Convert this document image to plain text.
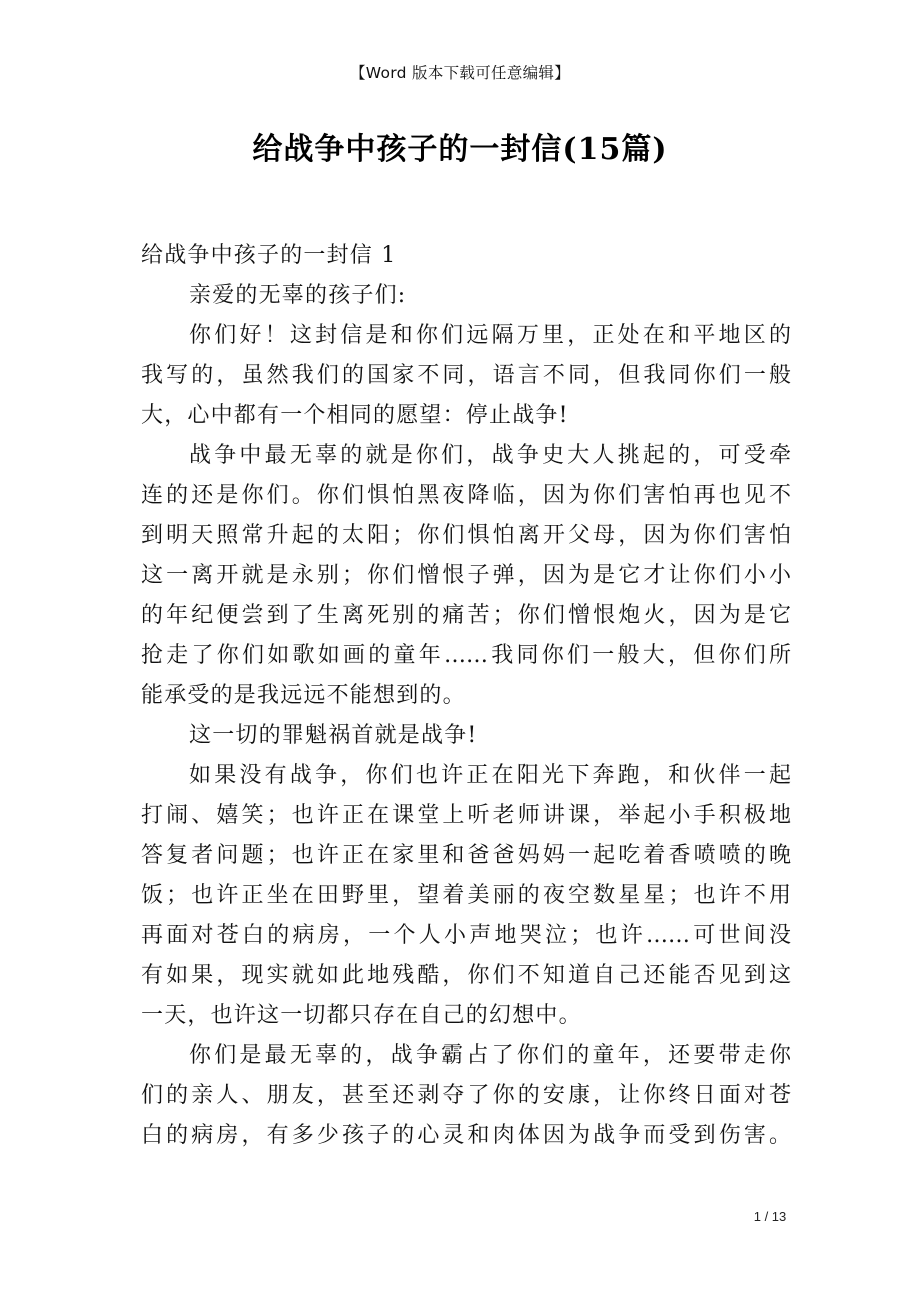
【Word 版本下载可任意编辑】
给战争中孩子的一封信(15篇)
给战争中孩子的一封信 1
亲爱的无辜的孩子们:
你们好！这封信是和你们远隔万里，正处在和平地区的
我写的，虽然我们的国家不同，语言不同，但我同你们一般
大，心中都有一个相同的愿望：停止战争!
战争中最无辜的就是你们，战争史大人挑起的，可受牵
连的还是你们。你们惧怕黑夜降临，因为你们害怕再也见不
到明天照常升起的太阳；你们惧怕离开父母，因为你们害怕
这一离开就是永别；你们憎恨子弹，因为是它才让你们小小
的年纪便尝到了生离死别的痛苦；你们憎恨炮火，因为是它
抢走了你们如歌如画的童年……我同你们一般大，但你们所
能承受的是我远远不能想到的。
这一切的罪魁祸首就是战争!
如果没有战争，你们也许正在阳光下奔跑，和伙伴一起
打闹、嬉笑；也许正在课堂上听老师讲课，举起小手积极地
答复者问题；也许正在家里和爸爸妈妈一起吃着香喷喷的晚
饭；也许正坐在田野里，望着美丽的夜空数星星；也许不用
再面对苍白的病房，一个人小声地哭泣；也许……可世间没
有如果，现实就如此地残酷，你们不知道自己还能否见到这
一天，也许这一切都只存在自己的幻想中。
你们是最无辜的，战争霸占了你们的童年，还要带走你
们的亲人、朋友，甚至还剥夺了你的安康，让你终日面对苍
白的病房，有多少孩子的心灵和肉体因为战争而受到伤害。
1 / 13
